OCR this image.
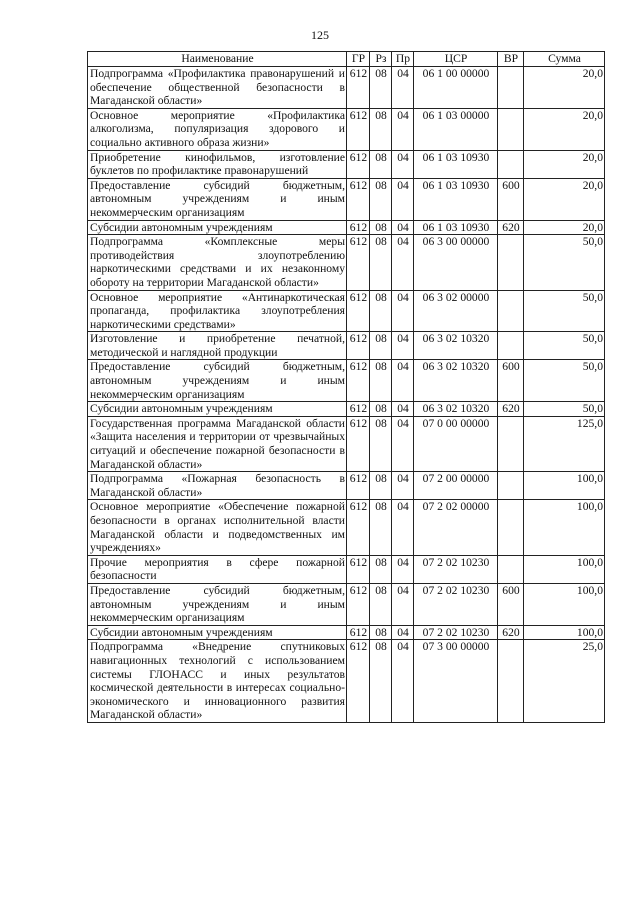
125
Наименование	ГР	Рз	Пр	ЦСР	ВР	Сумма
Подпрограмма «Профилактика правонарушений и обеспечение общественной безопасности в Магаданской области»	612	08	04	06 1 00 00000		20,0
Основное мероприятие «Профилактика алкоголизма, популяризация здорового и социально активного образа жизни»	612	08	04	06 1 03 00000		20,0
Приобретение кинофильмов, изготовление буклетов по профилактике правонарушений	612	08	04	06 1 03 10930		20,0
Предоставление субсидий бюджетным, автономным учреждениям и иным некоммерческим организациям	612	08	04	06 1 03 10930	600	20,0
Субсидии автономным учреждениям	612	08	04	06 1 03 10930	620	20,0
Подпрограмма «Комплексные меры противодействия злоупотреблению наркотическими средствами и их незаконному обороту на территории Магаданской области»	612	08	04	06 3 00 00000		50,0
Основное мероприятие «Антинаркотическая пропаганда, профилактика злоупотребления наркотическими средствами»	612	08	04	06 3 02 00000		50,0
Изготовление и приобретение печатной, методической и наглядной продукции	612	08	04	06 3 02 10320		50,0
Предоставление субсидий бюджетным, автономным учреждениям и иным некоммерческим организациям	612	08	04	06 3 02 10320	600	50,0
Субсидии автономным учреждениям	612	08	04	06 3 02 10320	620	50,0
Государственная программа Магаданской области «Защита населения и территории от чрезвычайных ситуаций и обеспечение пожарной безопасности в Магаданской области»	612	08	04	07 0 00 00000		125,0
Подпрограмма «Пожарная безопасность в Магаданской области»	612	08	04	07 2 00 00000		100,0
Основное мероприятие «Обеспечение пожарной безопасности в органах исполнительной власти Магаданской области и подведомственных им учреждениях»	612	08	04	07 2 02 00000		100,0
Прочие мероприятия в сфере пожарной безопасности	612	08	04	07 2 02 10230		100,0
Предоставление субсидий бюджетным, автономным учреждениям и иным некоммерческим организациям	612	08	04	07 2 02 10230	600	100,0
Субсидии автономным учреждениям	612	08	04	07 2 02 10230	620	100,0
Подпрограмма «Внедрение спутниковых навигационных технологий с использованием системы ГЛОНАСС и иных результатов космической деятельности в интересах социально-экономического и инновационного развития Магаданской области»	612	08	04	07 3 00 00000		25,0
